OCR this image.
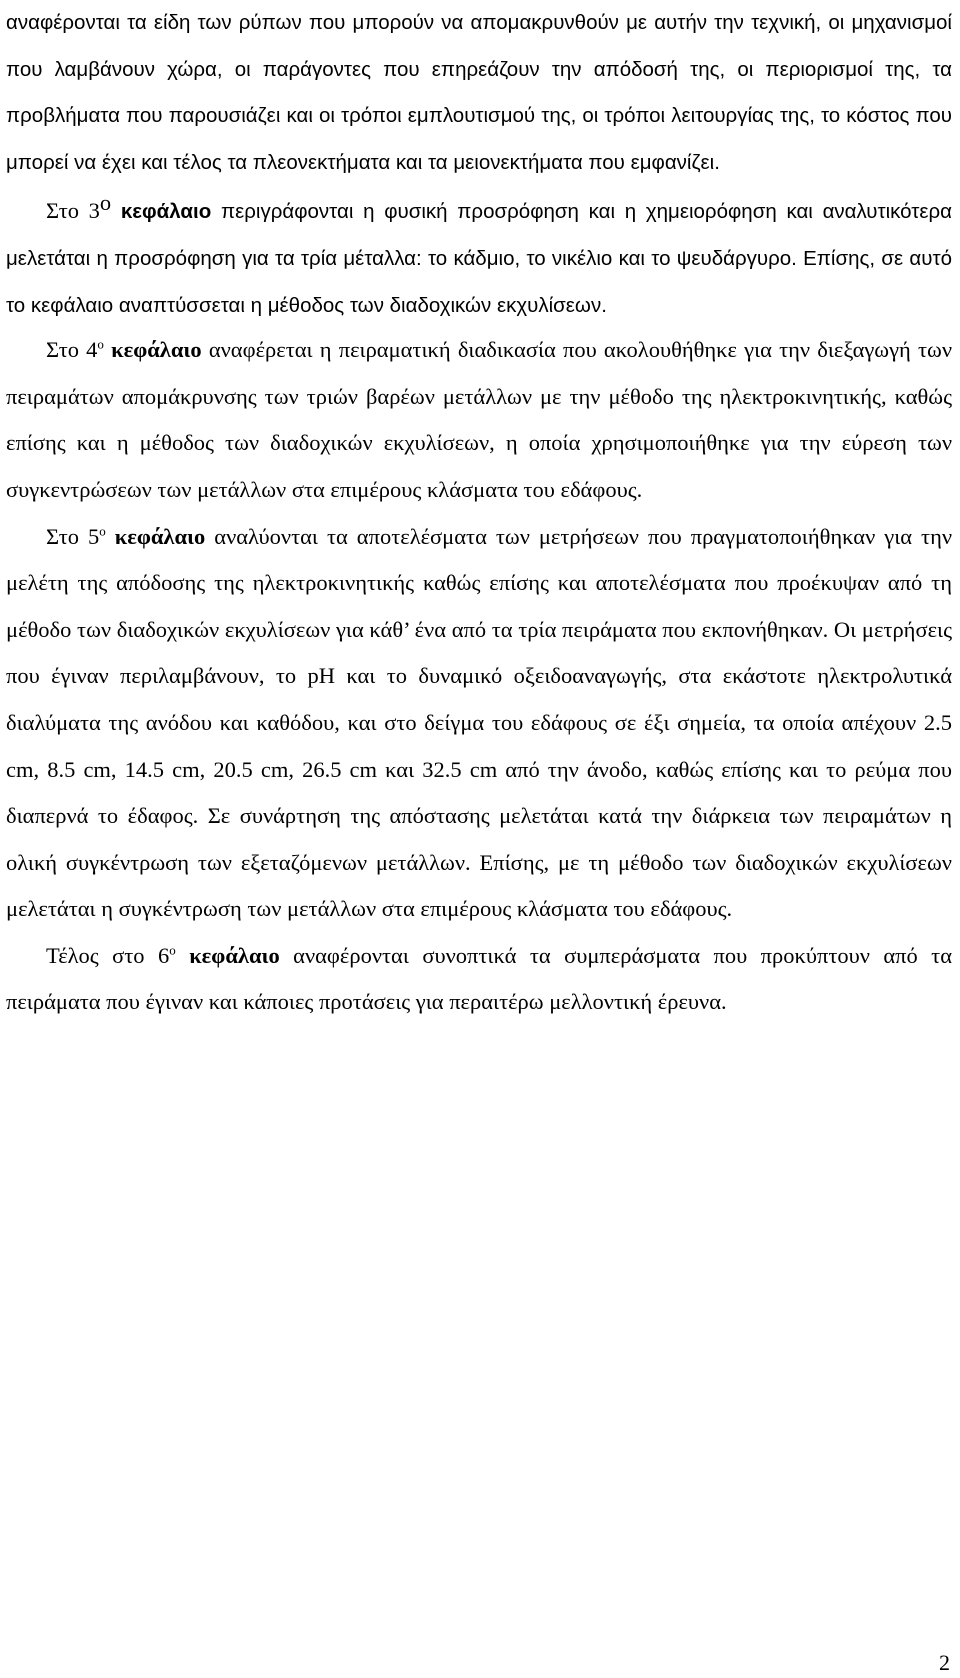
αναφέρονται τα είδη των ρύπων που μπορούν να απομακρυνθούν με αυτήν την τεχνική, οι μηχανισμοί που λαμβάνουν χώρα, οι παράγοντες που επηρεάζουν την απόδοσή της, οι περιορισμοί της, τα προβλήματα που παρουσιάζει και οι τρόποι εμπλουτισμού της, οι τρόποι λειτουργίας της, το κόστος που μπορεί να έχει και τέλος τα πλεονεκτήματα και τα μειονεκτήματα που εμφανίζει.

Στο $3^o$ κεφάλαιο περιγράφονται η φυσική προσρόφηση και η χημειορόφηση και αναλυτικότερα μελετάται η προσρόφηση για τα τρία μέταλλα: το κάδμιο, το νικέλιο και το ψευδάργυρο. Επίσης, σε αυτό το κεφάλαιο αναπτύσσεται η μέθοδος των διαδοχικών εκχυλίσεων.

Στο $4^o$ κεφάλαιο αναφέρεται η πειραματική διαδικασία που ακολουθήθηκε για την διεξαγωγή των πειραμάτων απομάκρυνσης των τριών βαρέων μετάλλων με την μέθοδο της ηλεκτροκινητικής, καθώς επίσης και η μέθοδος των διαδοχικών εκχυλίσεων, η οποία χρησιμοποιήθηκε για την εύρεση των συγκεντρώσεων των μετάλλων στα επιμέρους κλάσματα του εδάφους.

Στο $5^o$ κεφάλαιο αναλύονται τα αποτελέσματα των μετρήσεων που πραγματοποιήθηκαν για την μελέτη της απόδοσης της ηλεκτροκινητικής καθώς επίσης και αποτελέσματα που προέκυψαν από τη μέθοδο των διαδοχικών εκχυλίσεων για κάθ’ ένα από τα τρία πειράματα που εκπονήθηκαν. Οι μετρήσεις που έγιναν περιλαμβάνουν, το pH και το δυναμικό οξειδοαναγωγής, στα εκάστοτε ηλεκτρολυτικά διαλύματα της ανόδου και καθόδου, και στο δείγμα του εδάφους σε έξι σημεία, τα οποία απέχουν 2.5 cm, 8.5 cm, 14.5 cm, 20.5 cm, 26.5 cm και 32.5 cm από την άνοδο, καθώς επίσης και το ρεύμα που διαπερνά το έδαφος. Σε συνάρτηση της απόστασης μελετάται κατά την διάρκεια των πειραμάτων η ολική συγκέντρωση των εξεταζόμενων μετάλλων. Επίσης, με τη μέθοδο των διαδοχικών εκχυλίσεων μελετάται η συγκέντρωση των μετάλλων στα επιμέρους κλάσματα του εδάφους.

Τέλος στο $6^o$ κεφάλαιο αναφέρονται συνοπτικά τα συμπεράσματα που προκύπτουν από τα πειράματα που έγιναν και κάποιες προτάσεις για περαιτέρω μελλοντική έρευνα.

2
